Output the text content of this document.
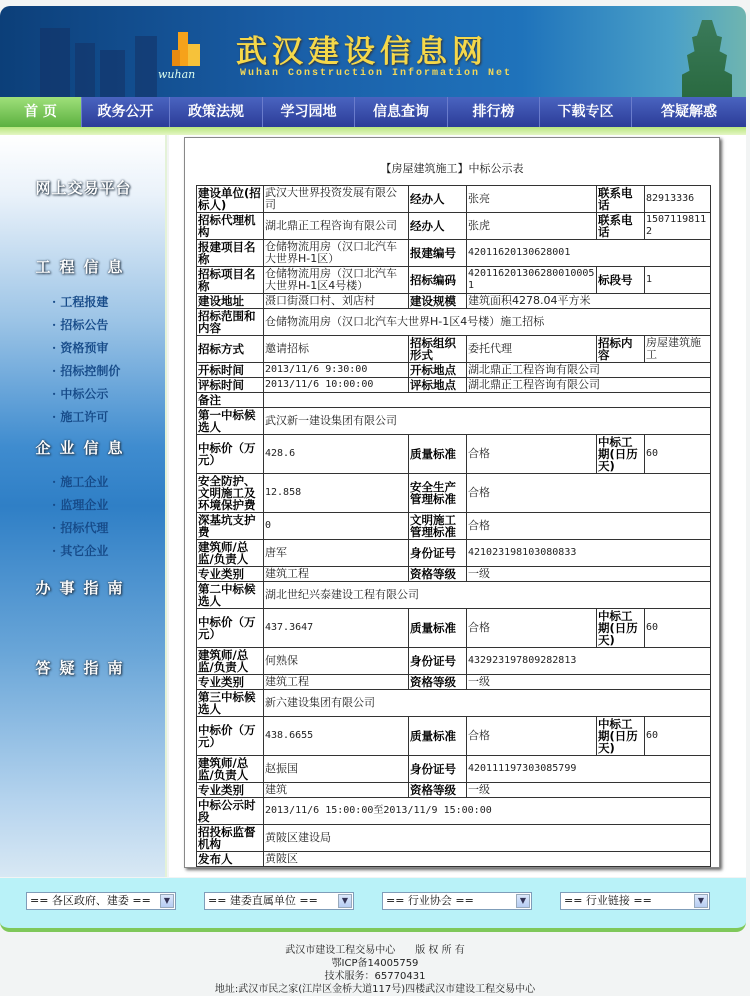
wuhan
武汉建设信息网
Wuhan Construction Information Net
首 页	政务公开	政策法规	学习园地	信息查询	排行榜	下载专区	答疑解惑
网上交易平台
工程信息
· 工程报建
· 招标公告
· 资格预审
· 招标控制价
· 中标公示
· 施工许可
企业信息
· 施工企业
· 监理企业
· 招标代理
· 其它企业
办事指南
答疑指南
【房屋建筑施工】中标公示表
建设单位(招标人)	武汉大世界投资发展有限公司	经办人	张亮	联系电话	82913336
招标代理机构	湖北鼎正工程咨询有限公司	经办人	张虎	联系电话	15071198112
报建项目名称	仓储物流用房（汉口北汽车大世界H-1区）	报建编号	42011620130628001		
招标项目名称	仓储物流用房（汉口北汽车大世界H-1区4号楼）	招标编码	4201162013062800100051	标段号	1
建设地址	滠口街滠口村、刘店村	建设规模	建筑面积4278.04平方米		
招标范围和内容	仓储物流用房（汉口北汽车大世界H-1区4号楼）施工招标				
招标方式	邀请招标	招标组织形式	委托代理	招标内容	房屋建筑施工
开标时间	2013/11/6 9:30:00	开标地点	湖北鼎正工程咨询有限公司		
评标时间	2013/11/6 10:00:00	评标地点	湖北鼎正工程咨询有限公司		
备注					
第一中标候选人	武汉新一建设集团有限公司				
中标价（万元）	428.6	质量标准	合格	中标工期(日历天)	60
安全防护、文明施工及环境保护费	12.858	安全生产管理标准	合格		
深基坑支护费	0	文明施工管理标准	合格		
建筑师/总监/负责人	唐军	身份证号	421023198103080833		
专业类别	建筑工程	资格等级	一级		
第二中标候选人	湖北世纪兴泰建设工程有限公司				
中标价（万元）	437.3647	质量标准	合格	中标工期(日历天)	60
建筑师/总监/负责人	何熟保	身份证号	432923197809282813		
专业类别	建筑工程	资格等级	一级		
第三中标候选人	新六建设集团有限公司				
中标价（万元）	438.6655	质量标准	合格	中标工期(日历天)	60
建筑师/总监/负责人	赵振国	身份证号	420111197303085799		
专业类别	建筑	资格等级	一级		
中标公示时段	2013/11/6 15:00:00至2013/11/9 15:00:00				
招投标监督机构	黄陂区建设局				
发布人	黄陂区				
== 各区政府、建委 ==	▼	== 建委直属单位 ==	▼	== 行业协会 ==	▼	== 行业链接 ==	▼
武汉市建设工程交易中心　　版 权 所 有
鄂ICP备14005759
技术服务：65770431
地址:武汉市民之家(江岸区金桥大道117号)四楼武汉市建设工程交易中心
